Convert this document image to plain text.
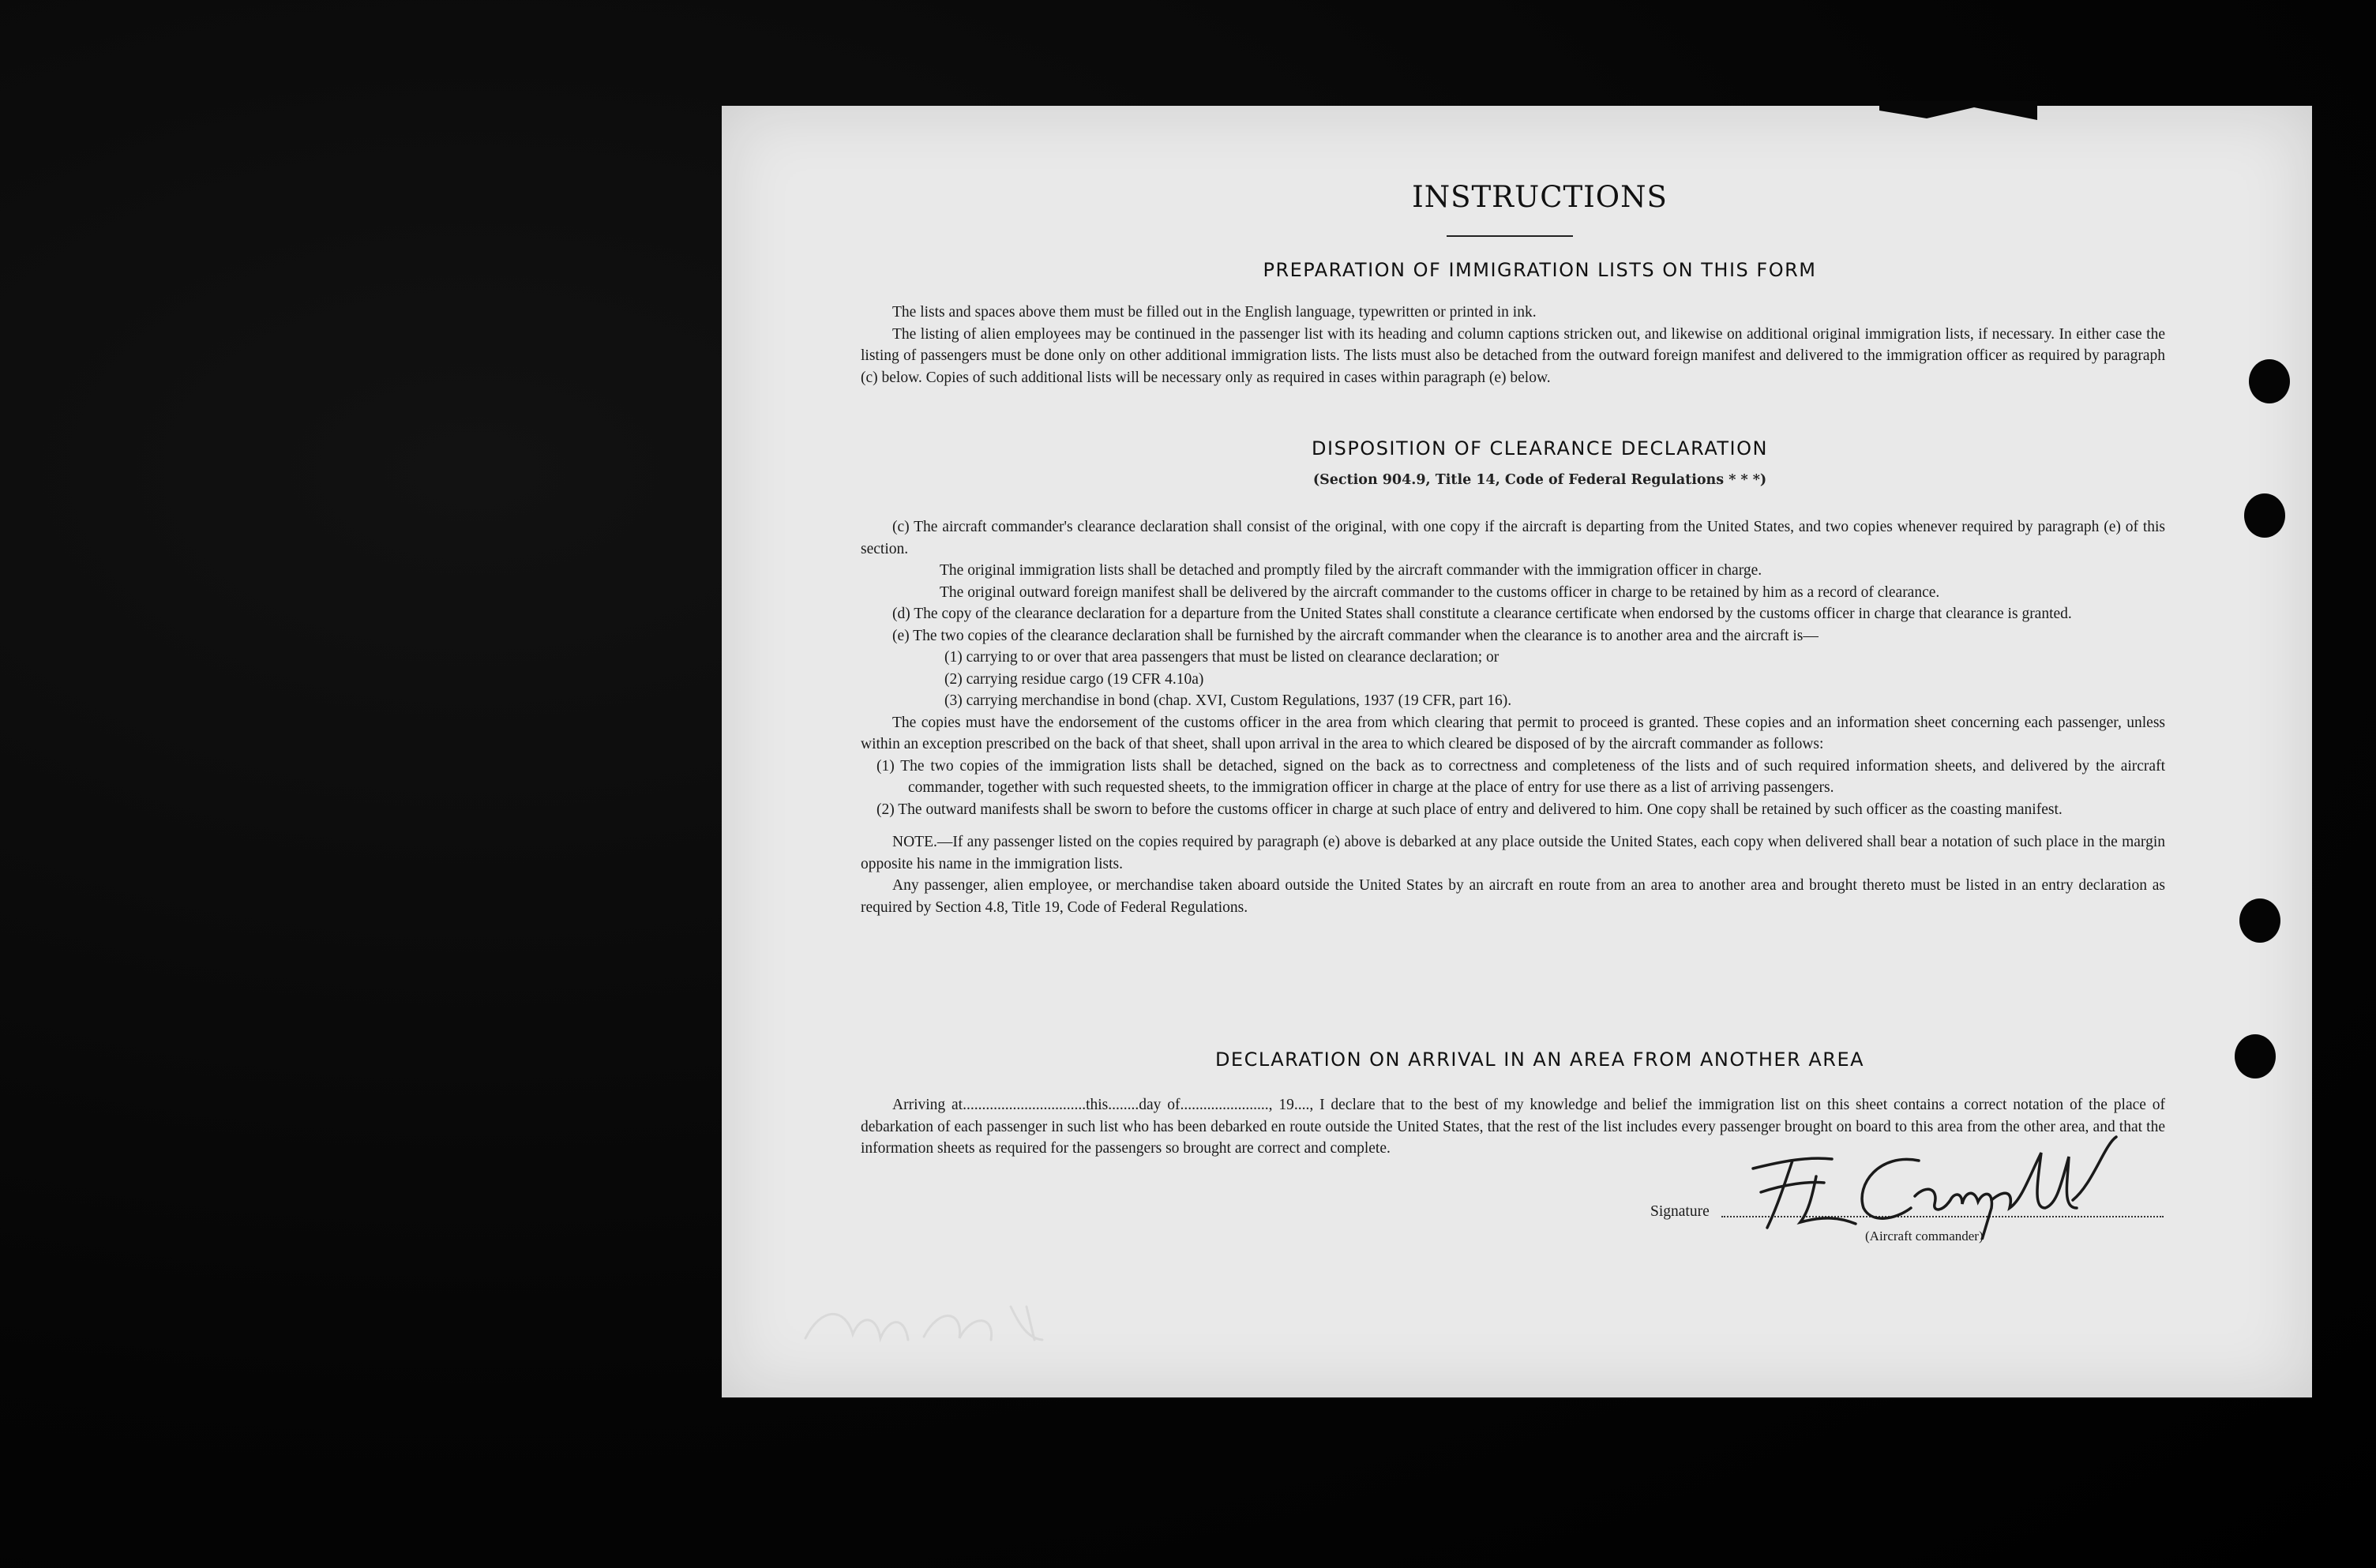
INSTRUCTIONS
PREPARATION OF IMMIGRATION LISTS ON THIS FORM

The lists and spaces above them must be filled out in the English language, typewritten or printed in ink.

The listing of alien employees may be continued in the passenger list with its heading and column captions stricken out, and likewise on additional original immigration lists, if necessary. In either case the listing of passengers must be done only on other additional immigration lists. The lists must also be detached from the outward foreign manifest and delivered to the immigration officer as required by paragraph (c) below. Copies of such additional lists will be necessary only as required in cases within paragraph (e) below.

DISPOSITION OF CLEARANCE DECLARATION
(Section 904.9, Title 14, Code of Federal Regulations * * *)

(c) The aircraft commander's clearance declaration shall consist of the original, with one copy if the aircraft is departing from the United States, and two copies whenever required by paragraph (e) of this section.

The original immigration lists shall be detached and promptly filed by the aircraft commander with the immigration officer in charge.

The original outward foreign manifest shall be delivered by the aircraft commander to the customs officer in charge to be retained by him as a record of clearance.

(d) The copy of the clearance declaration for a departure from the United States shall constitute a clearance certificate when endorsed by the customs officer in charge that clearance is granted.

(e) The two copies of the clearance declaration shall be furnished by the aircraft commander when the clearance is to another area and the aircraft is—

(1) carrying to or over that area passengers that must be listed on clearance declaration; or

(2) carrying residue cargo (19 CFR 4.10a)

(3) carrying merchandise in bond (chap. XVI, Custom Regulations, 1937 (19 CFR, part 16).

The copies must have the endorsement of the customs officer in the area from which clearing that permit to proceed is granted. These copies and an information sheet concerning each passenger, unless within an exception prescribed on the back of that sheet, shall upon arrival in the area to which cleared be disposed of by the aircraft commander as follows:

(1) The two copies of the immigration lists shall be detached, signed on the back as to correctness and completeness of the lists and of such required information sheets, and delivered by the aircraft commander, together with such requested sheets, to the immigration officer in charge at the place of entry for use there as a list of arriving passengers.

(2) The outward manifests shall be sworn to before the customs officer in charge at such place of entry and delivered to him. One copy shall be retained by such officer as the coasting manifest.

NOTE.—If any passenger listed on the copies required by paragraph (e) above is debarked at any place outside the United States, each copy when delivered shall bear a notation of such place in the margin opposite his name in the immigration lists.

Any passenger, alien employee, or merchandise taken aboard outside the United States by an aircraft en route from an area to another area and brought thereto must be listed in an entry declaration as required by Section 4.8, Title 19, Code of Federal Regulations.

DECLARATION ON ARRIVAL IN AN AREA FROM ANOTHER AREA

Arriving at................................this........day of......................., 19...., I declare that to the best of my knowledge and belief the immigration list on this sheet contains a correct notation of the place of debarkation of each passenger in such list who has been debarked en route outside the United States, that the rest of the list includes every passenger brought on board to this area from the other area, and that the information sheets as required for the passengers so brought are correct and complete.

Signature
(Aircraft commander)
